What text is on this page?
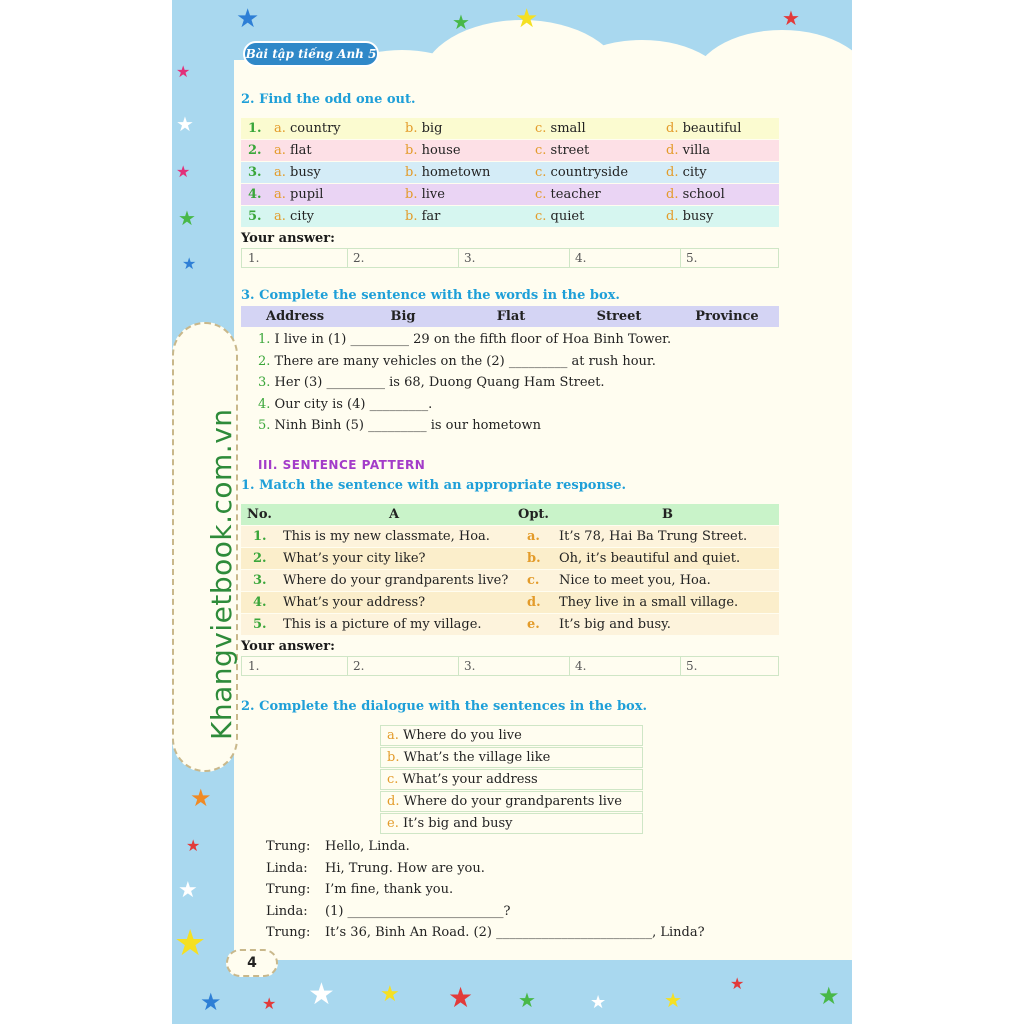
Khangvietbook.com.vn
★	★ ★	★
★
★
★
★
★
★
★
★
★
★	★ ★ ★ ★ ★	★	★
★	★
Bài tập tiếng Anh 5
2. Find the odd one out.
1. a. country	b. big	c. small	d. beautiful
2. a. flat	b. house	c. street	d. villa
3. a. busy	b. hometown	c. countryside	d. city
4. a. pupil	b. live	c. teacher	d. school
5. a. city	b. far	c. quiet	d. busy
Your answer:
1.	2.	3.	4.	5.
3. Complete the sentence with the words in the box.
Address	Big	Flat	Street	Province
1. I live in (1) _________ 29 on the fifth floor of Hoa Binh Tower.
2. There are many vehicles on the (2) _________ at rush hour.
3. Her (3) _________ is 68, Duong Quang Ham Street.
4. Our city is (4) _________.
5. Ninh Binh (5) _________ is our hometown
III. SENTENCE PATTERN
1. Match the sentence with an appropriate response.
No.	A	Opt.	B
1. This is my new classmate, Hoa.	a. It’s 78, Hai Ba Trung Street.
2. What’s your city like?	b. Oh, it’s beautiful and quiet.
3. Where do your grandparents live? c. Nice to meet you, Hoa.
4. What’s your address?	d. They live in a small village.
5. This is a picture of my village.	e. It’s big and busy.
Your answer:
1.	2.	3.	4.	5.
2. Complete the dialogue with the sentences in the box.
a. Where do you live
b. What’s the village like
c. What’s your address
d. Where do your grandparents live
e. It’s big and busy
Trung: Hello, Linda.
Linda: Hi, Trung. How are you.
Trung: I’m fine, thank you.
Linda: (1) ________________________?
Trung: It’s 36, Binh An Road. (2) ________________________, Linda?
4
